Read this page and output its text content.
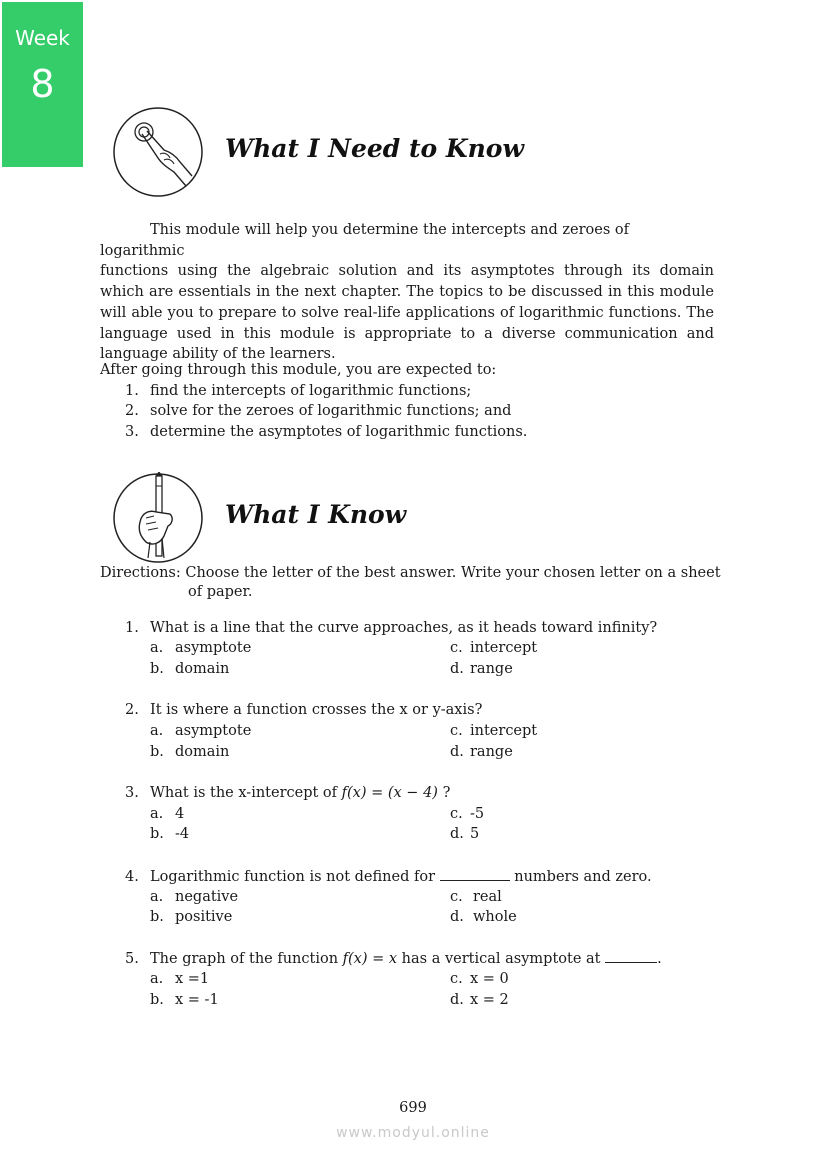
Week
8
What I Need to Know
This module will help you determine the intercepts and zeroes of logarithmic
functions using the algebraic solution and its asymptotes through its domain
which are essentials in the next chapter. The topics to be discussed in this module
will able you to prepare to solve real-life applications of logarithmic functions. The
language used in this module is appropriate to a diverse communication and
language ability of the learners.
After going through this module, you are expected to:
1. find the intercepts of logarithmic functions;
2. solve for the zeroes of logarithmic functions; and
3. determine the asymptotes of logarithmic functions.
What I Know
Directions: Choose the letter of the best answer. Write your chosen letter on a sheet
of paper.
1. What is a line that the curve approaches, as it heads toward infinity?
a. asymptote	c. intercept
b. domain	d. range
2. It is where a function crosses the x or y-axis?
a. asymptote	c. intercept
b. domain	d. range
3. What is the x-intercept of f(x) = (x − 4) ?
a. 4	c. -5
b. -4	d. 5
4. Logarithmic function is not defined for	numbers and zero.
a. negative	c. real
b. positive	d. whole
5. The graph of the function f(x) = x has a vertical asymptote at	.
a. x =1	c. x = 0
b. x = -1	d. x = 2
699
www.modyul.online
